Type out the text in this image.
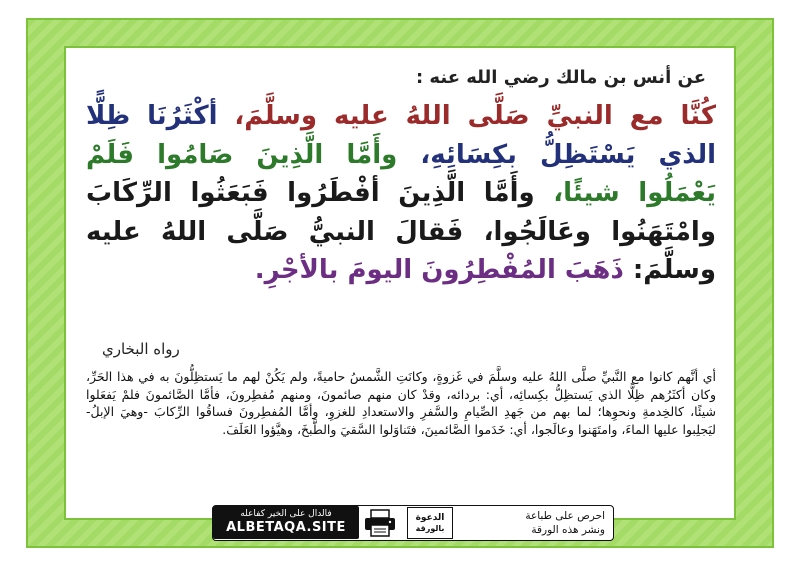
عن أنس بن مالك رضي الله عنه :
كُنَّا مع النبيِّ صَلَّى اللهُ عليه وسلَّمَ، أكْثَرُنَا ظِلًّا الذي يَسْتَظِلُّ بكِسَائِهِ، وأَمَّا الَّذِينَ صَامُوا فَلَمْ يَعْمَلُوا شيئًا، وأَمَّا الَّذِينَ أفْطَرُوا فَبَعَثُوا الرِّكَابَ وامْتَهَنُوا وعَالَجُوا، فَقالَ النبيُّ صَلَّى اللهُ عليه وسلَّمَ: ذَهَبَ المُفْطِرُونَ اليومَ بالأجْرِ.
رواه البخاري
أي أنَّهم كانوا مع النَّبيِّ صلَّى اللهُ عليه وسلَّمَ في غَزوةٍ، وكانَتِ الشَّمسُ حاميةً، ولم يَكُنْ لهم ما يَستظِلُّونَ به في هذا الحَرِّ، وكان أكثَرُهم ظِلًّا الذي يَستظِلُّ بكِسائِه، أي: بردائه، وقدْ كان منهم صائمونَ، ومنهم مُفطِرونَ، فأمَّا الصَّائمونَ فلمْ يَفعَلوا شيئًا، كالخِدمةِ ونحوِها؛ لما بهم من جَهدِ الصِّيامِ والسَّفرِ والاستعدادِ للغزوِ، وأمَّا المُفطِرونَ فساقُوا الرِّكابَ -وهيَ الإبلُ- ليَجلِبوا عليها الماءَ، وامتَهَنوا وعالَجوا، أي: خَدَموا الصَّائمينَ، فتَناوَلوا السَّقيَ والطَّبخَ، وهيَّؤوا العَلَفَ.
فالدال على الخير كفاعله
ALBETAQA.SITE
الدعوة
بالورقة
احرص على طباعة
ونشر هذه الورقة
